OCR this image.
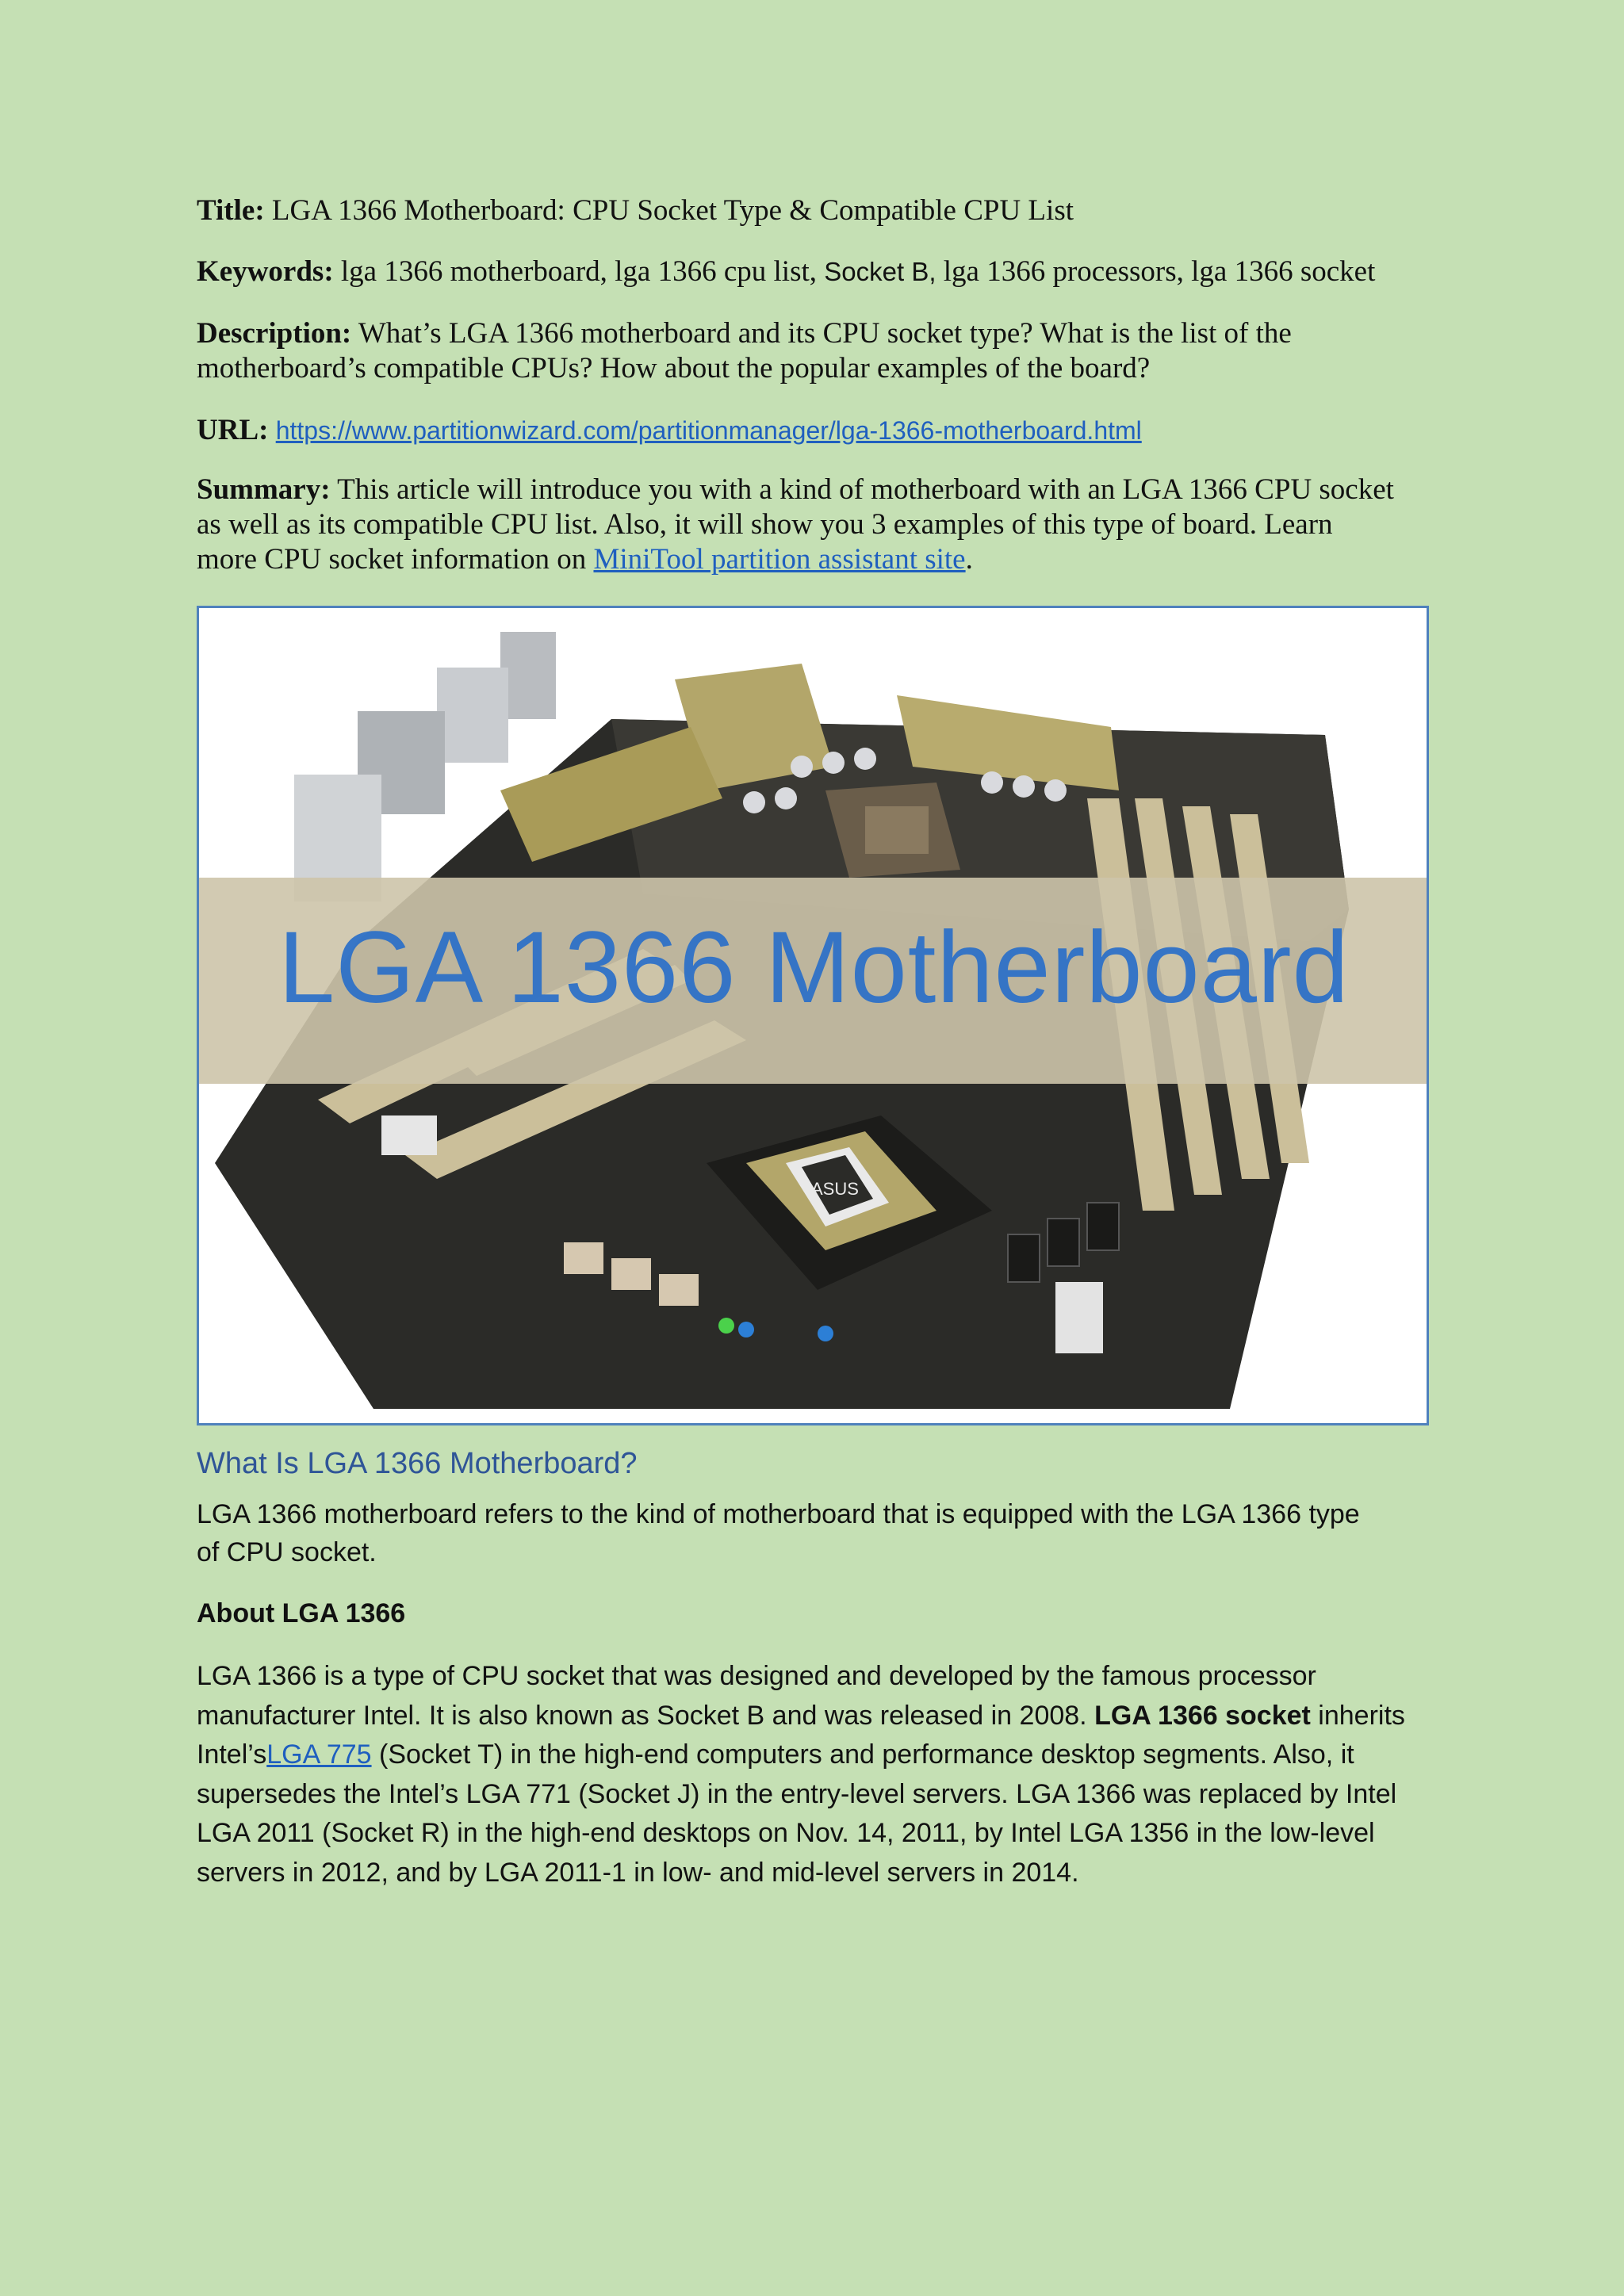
Title: LGA 1366 Motherboard: CPU Socket Type & Compatible CPU List
Keywords: lga 1366 motherboard, lga 1366 cpu list, Socket B, lga 1366 processors, lga 1366 socket
Description: What’s LGA 1366 motherboard and its CPU socket type? What is the list of the
motherboard’s compatible CPUs? How about the popular examples of the board?
URL: https://www.partitionwizard.com/partitionmanager/lga-1366-motherboard.html
Summary: This article will introduce you with a kind of motherboard with an LGA 1366 CPU socket
as well as its compatible CPU list. Also, it will show you 3 examples of this type of board. Learn
more CPU socket information on MiniTool partition assistant site.
ASUS
LGA 1366 Motherboard
What Is LGA 1366 Motherboard?
LGA 1366 motherboard refers to the kind of motherboard that is equipped with the LGA 1366 type
of CPU socket.
About LGA 1366
LGA 1366 is a type of CPU socket that was designed and developed by the famous processor
manufacturer Intel. It is also known as Socket B and was released in 2008. LGA 1366 socket inherits
Intel’sLGA 775 (Socket T) in the high-end computers and performance desktop segments. Also, it
supersedes the Intel’s LGA 771 (Socket J) in the entry-level servers. LGA 1366 was replaced by Intel
LGA 2011 (Socket R) in the high-end desktops on Nov. 14, 2011, by Intel LGA 1356 in the low-level
servers in 2012, and by LGA 2011-1 in low- and mid-level servers in 2014.
